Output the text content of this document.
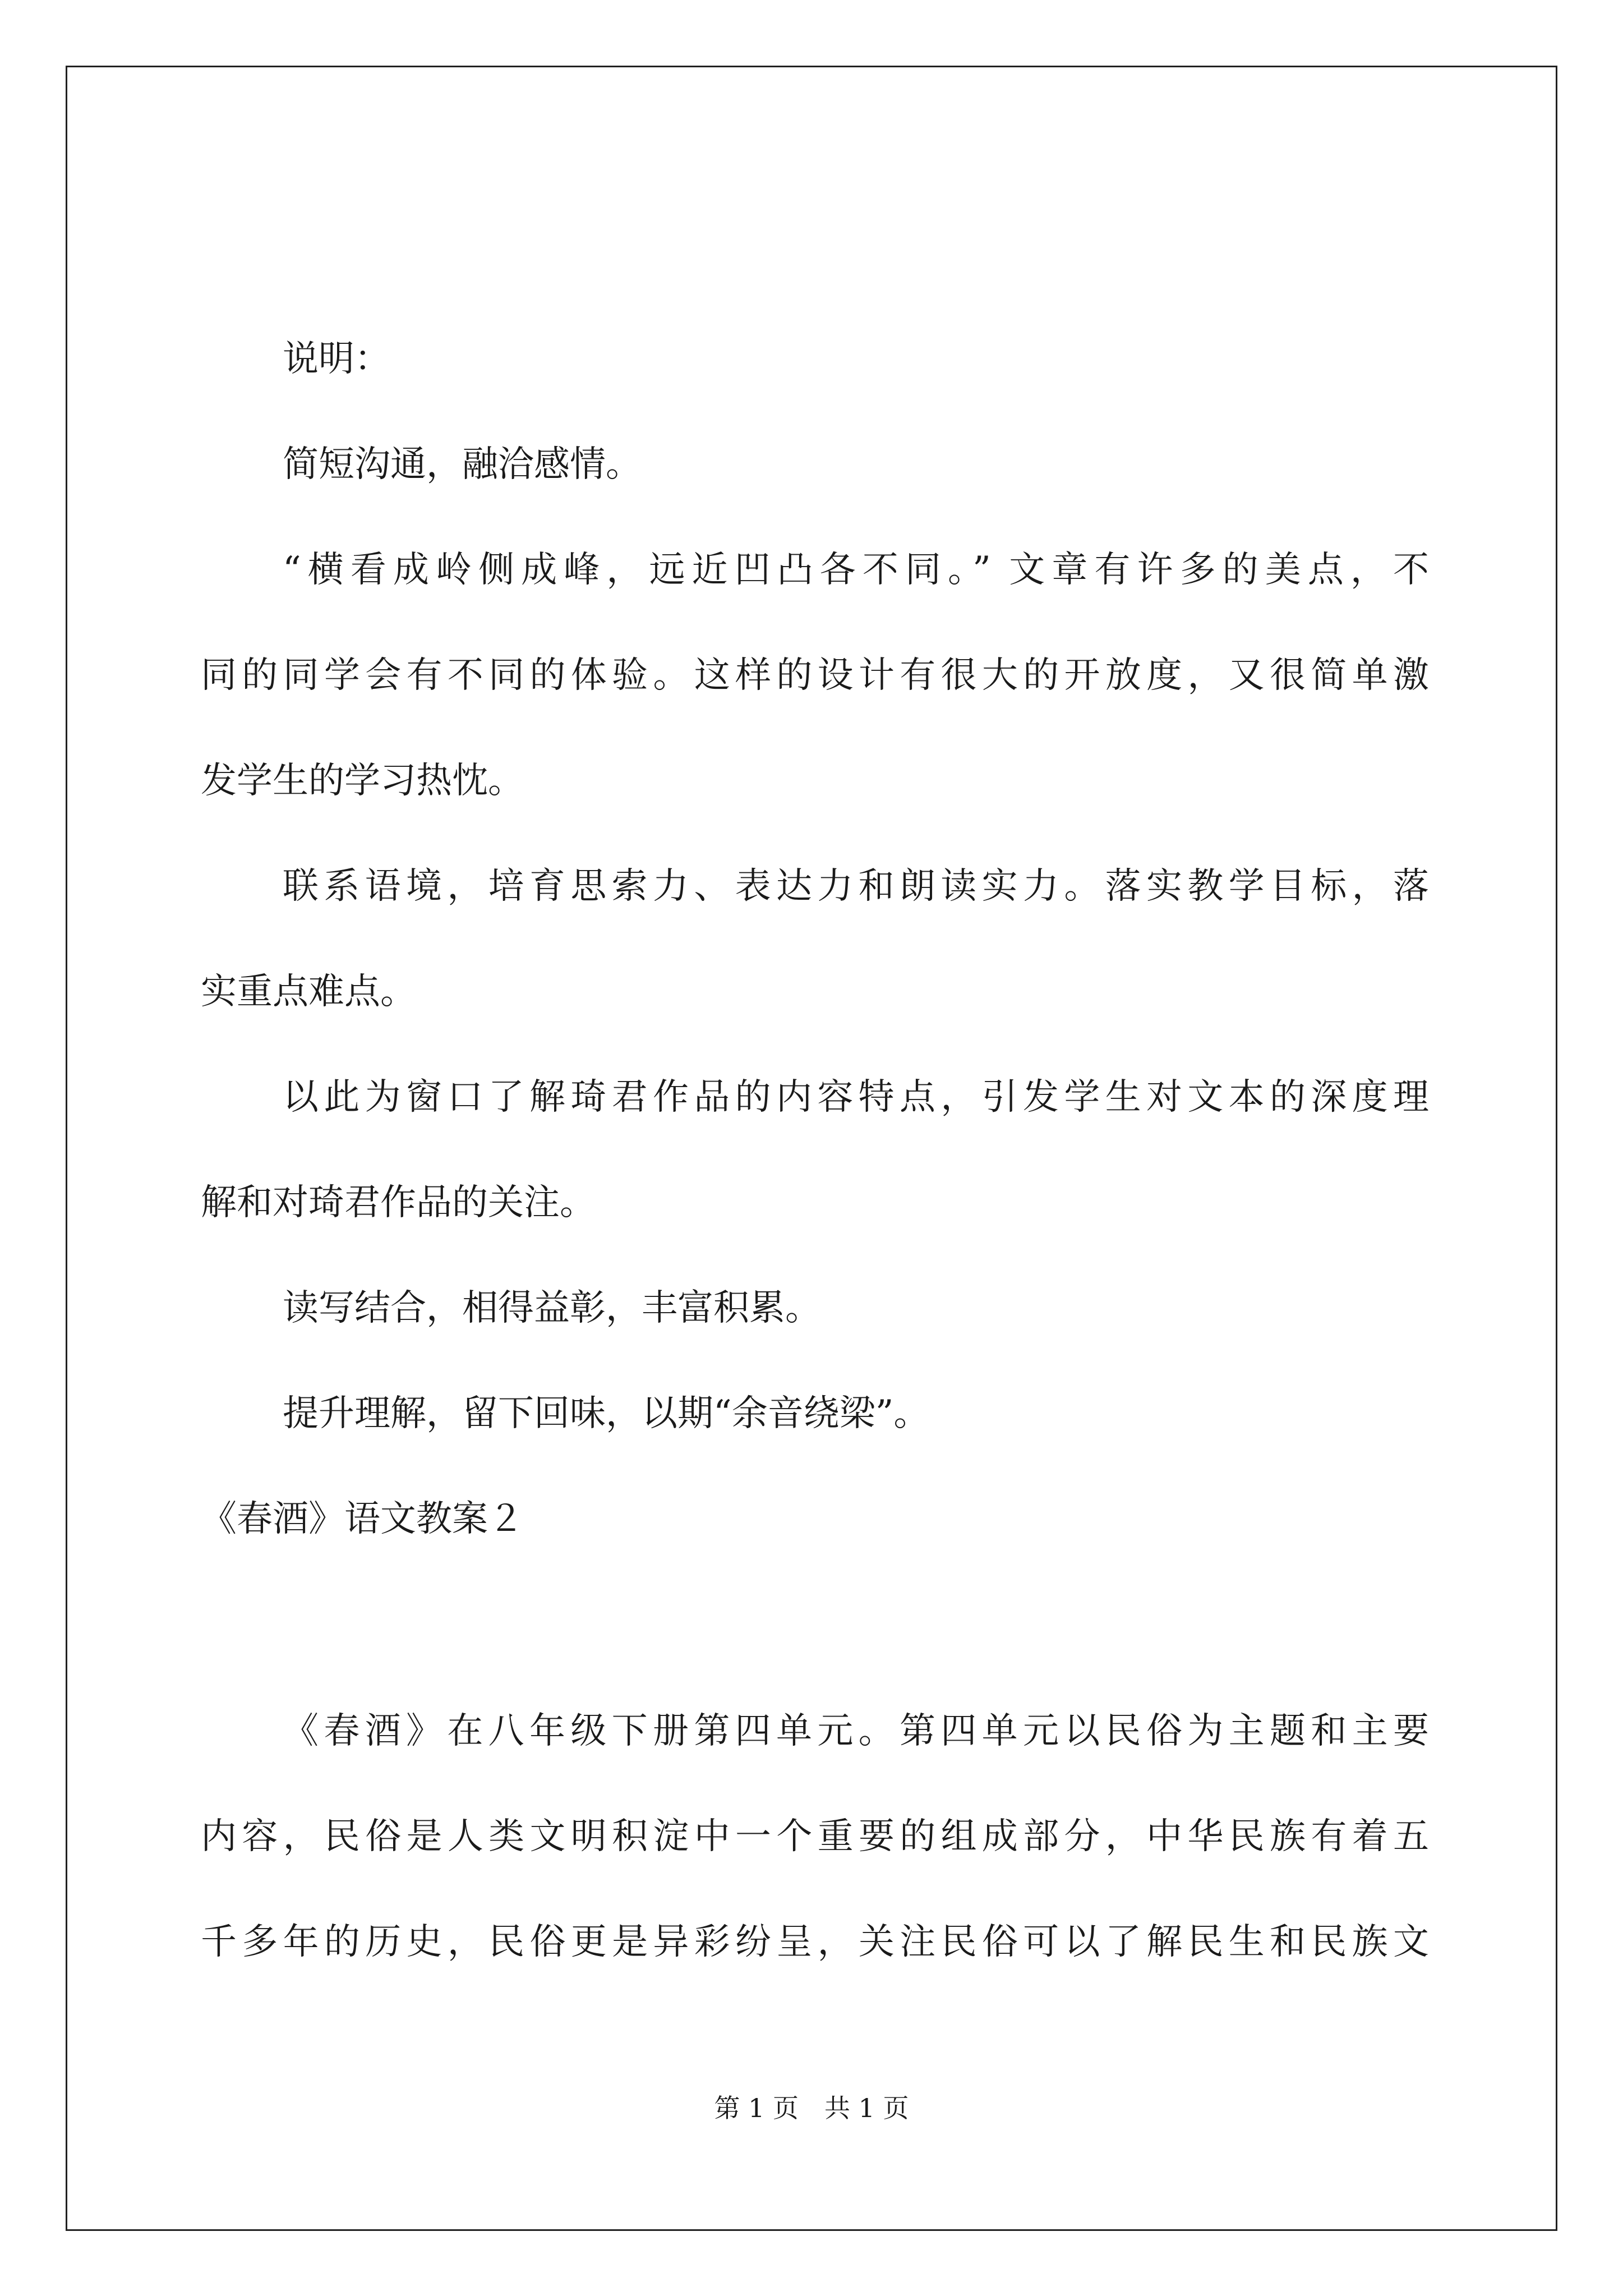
说明：
简短沟通，融洽感情。
“横看成岭侧成峰，远近凹凸各不同。” 文章有许多的美点，不
同的同学会有不同的体验。这样的设计有很大的开放度，又很简单激
发学生的学习热忱。
联系语境，培育思索力、表达力和朗读实力。落实教学目标，落
实重点难点。
以此为窗口了解琦君作品的内容特点，引发学生对文本的深度理
解和对琦君作品的关注。
读写结合，相得益彰，丰富积累。
提升理解，留下回味，以期“余音绕梁”。
《春酒》语文教案２
《春酒》在八年级下册第四单元。第四单元以民俗为主题和主要
内容，民俗是人类文明积淀中一个重要的组成部分，中华民族有着五
千多年的历史，民俗更是异彩纷呈，关注民俗可以了解民生和民族文
第 1 页　共 1 页
